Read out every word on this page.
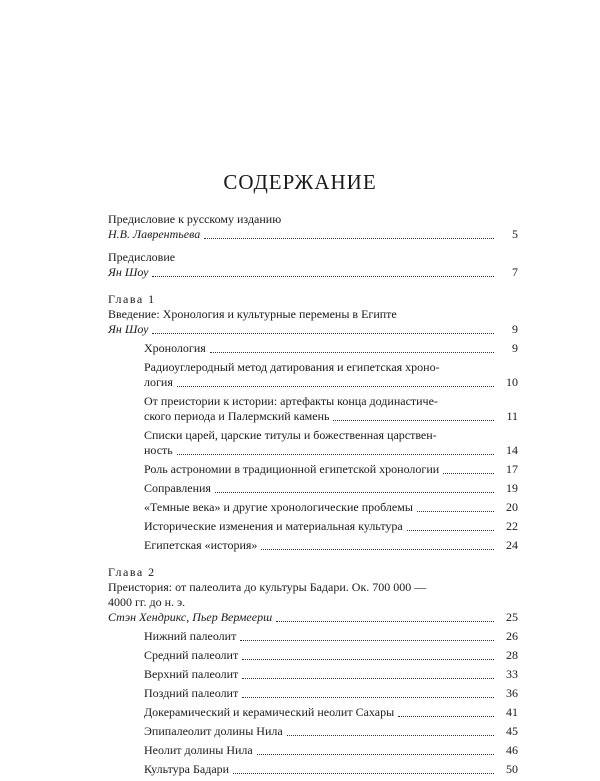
СОДЕРЖАНИЕ
Предисловие к русскому изданию
Н.В. Лаврентьева	5
Предисловие
Ян Шоу	7
Глава 1
Введение: Хронология и культурные перемены в Египте
Ян Шоу	9
Хронология	9
Радиоуглеродный метод датирования и египетская хроно-
логия	10
От преистории к истории: артефакты конца додинастиче-
ского периода и Палермский камень	11
Списки царей, царские титулы и божественная царствен-
ность	14
Роль астрономии в традиционной египетской хронологии	17
Соправления	19
«Темные века» и другие хронологические проблемы	20
Исторические изменения и материальная культура	22
Египетская «история»	24
Глава 2
Преистория: от палеолита до культуры Бадари. Ок. 700 000 —
4000 гг. до н. э.
Стэн Хендрикс, Пьер Вермеерш	25
Нижний палеолит	26
Средний палеолит	28
Верхний палеолит	33
Поздний палеолит	36
Докерамический и керамический неолит Сахары	41
Эпипалеолит долины Нила	45
Неолит долины Нила	46
Культура Бадари	50
